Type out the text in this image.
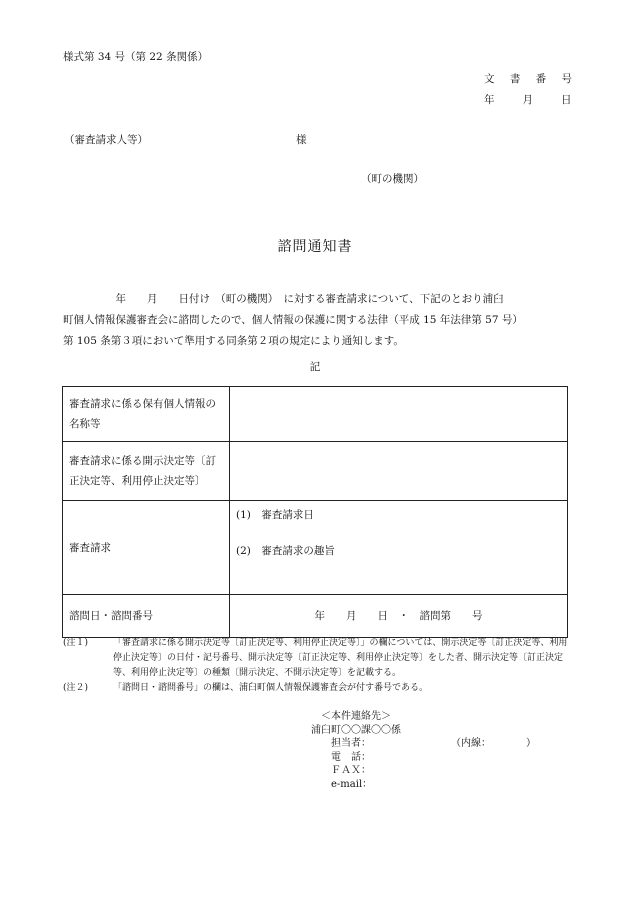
様式第 34 号（第 22 条関係）
文 書 番 号
年	月	日
（審査請求人等）	様
（町の機関）
諮問通知書

　　　　　年　　月　　日付け　（町の機関）　に対する審査請求について、下記のとおり浦臼

町個人情報保護審査会に諮問したので、個人情報の保護に関する法律（平成 15 年法律第 57 号）

第 105 条第３項において準用する同条第２項の規定により通知します。

記
審査請求に係る保有個人情報の名称等	
審査請求に係る開示決定等〔訂正決定等、利用停止決定等〕	
審査請求	(1)　審査請求日
(2)　審査請求の趣旨

諮問日・諮問番号	年　　月　　日　・　諮問第　　号
(注１)	「審査請求に係る開示決定等〔訂正決定等、利用停止決定等〕」の欄については、開示決定等〔訂正決定等、利用停止決定等〕の日付・記号番号、開示決定等〔訂正決定等、利用停止決定等〕をした者、開示決定等〔訂正決定等、利用停止決定等〕の種類〔開示決定、不開示決定等〕を記載する。
(注２)	「諮問日・諮問番号」の欄は、浦臼町個人情報保護審査会が付す番号である。
＜本件連絡先＞
浦臼町〇〇課〇〇係
担当者：　　　　　　　　　（内線：　　　　）
電　話：
ＦＡＸ：
e-mail：
